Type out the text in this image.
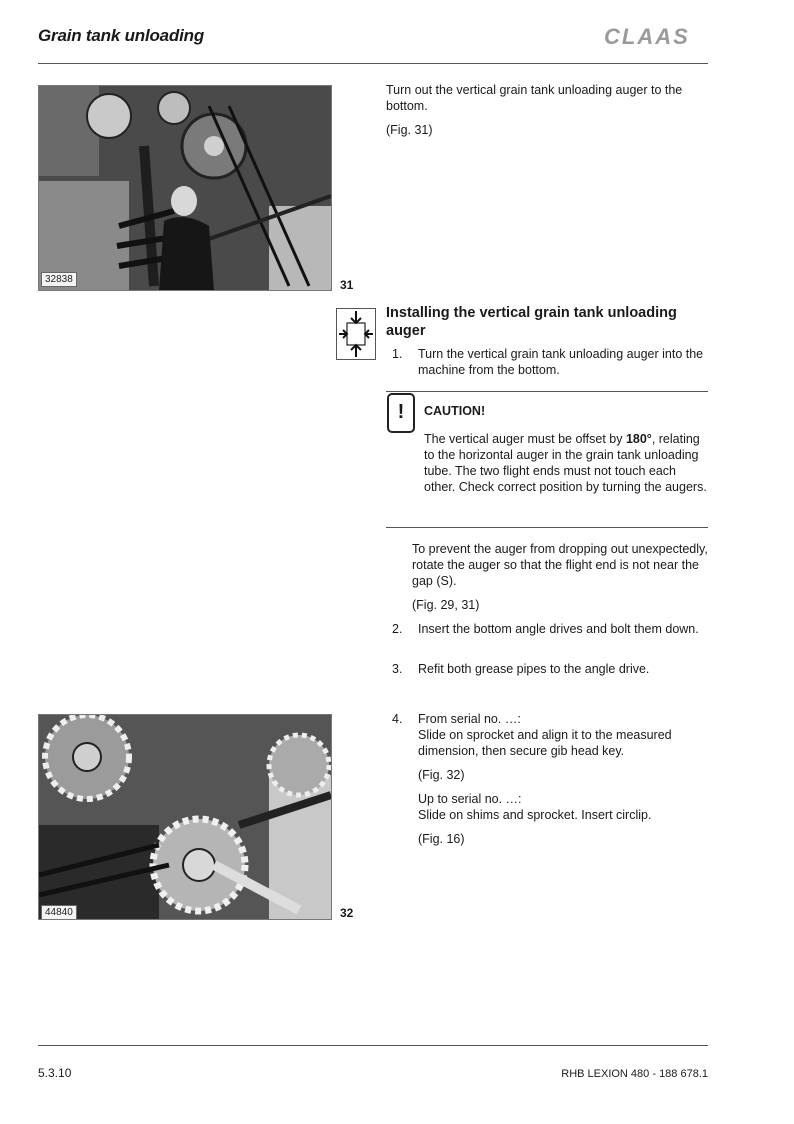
Grain tank unloading	CLAAS
32838	31
Turn out the vertical grain tank unloading auger to the bottom.
(Fig. 31)
Installing the vertical grain tank unloading auger
1.	Turn the vertical grain tank unloading auger into the machine from the bottom.
!	CAUTION!
The vertical auger must be offset by 180°, relating to the horizontal auger in the grain tank unloading tube. The two flight ends must not touch each other. Check correct position by turning the augers.
To prevent the auger from dropping out unexpectedly, rotate the auger so that the flight end is not near the gap (S).
(Fig. 29, 31)
2.	Insert the bottom angle drives and bolt them down.
3.	Refit both grease pipes to the angle drive.
44840	32
4.	From serial no. …:
Slide on sprocket and align it to the measured dimension, then secure gib head key.
(Fig. 32)
Up to serial no. …:
Slide on shims and sprocket. Insert circlip.
(Fig. 16)
5.3.10	RHB LEXION 480 - 188 678.1
